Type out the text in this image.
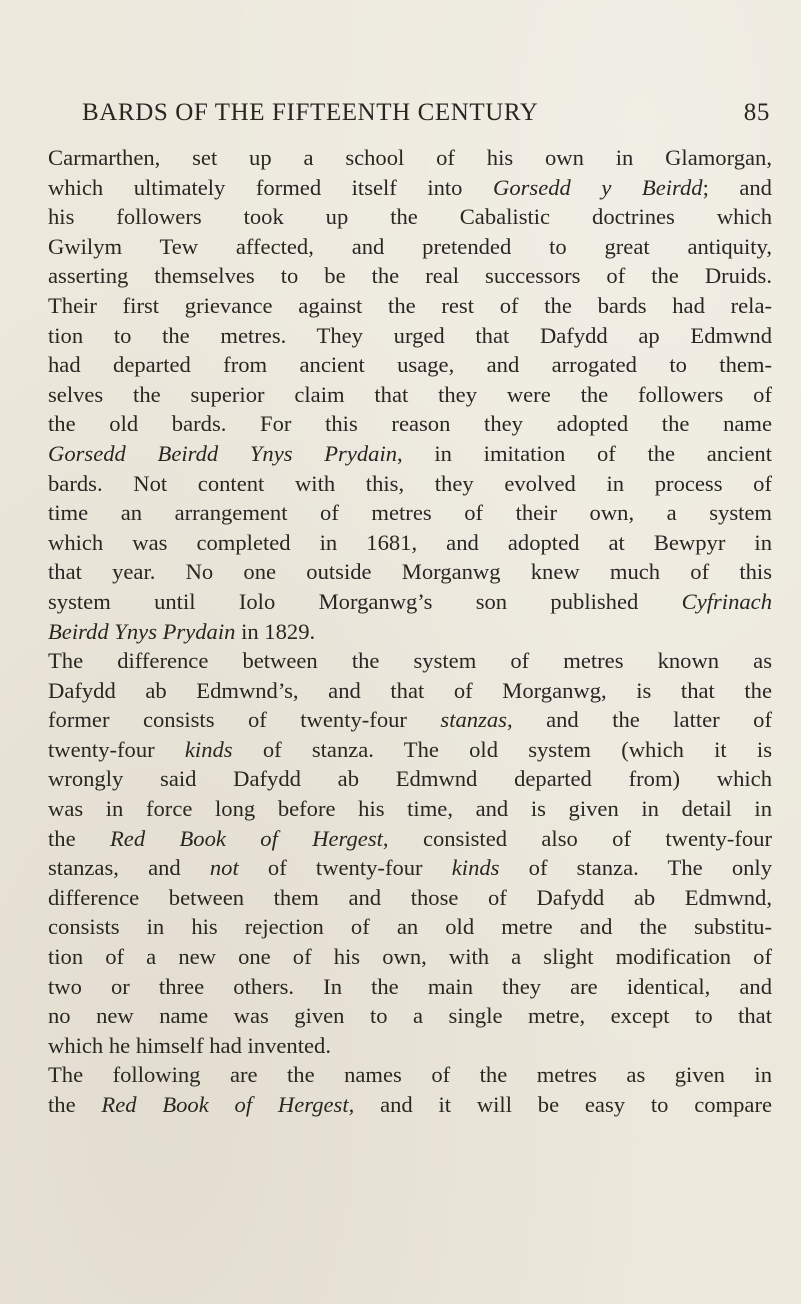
BARDS OF THE FIFTEENTH CENTURY	85
Carmarthen, set up a school of his own in Glamorgan,
which ultimately formed itself into Gorsedd y Beirdd; and
his followers took up the Cabalistic doctrines which
Gwilym Tew affected, and pretended to great antiquity,
asserting themselves to be the real successors of the Druids.
Their first grievance against the rest of the bards had rela-
tion to the metres. They urged that Dafydd ap Edmwnd
had departed from ancient usage, and arrogated to them-
selves the superior claim that they were the followers of
the old bards. For this reason they adopted the name
Gorsedd Beirdd Ynys Prydain, in imitation of the ancient
bards. Not content with this, they evolved in process of
time an arrangement of metres of their own, a system
which was completed in 1681, and adopted at Bewpyr in
that year. No one outside Morganwg knew much of this
system until Iolo Morganwg’s son published Cyfrinach
Beirdd Ynys Prydain in 1829.
The difference between the system of metres known as
Dafydd ab Edmwnd’s, and that of Morganwg, is that the
former consists of twenty-four stanzas, and the latter of
twenty-four kinds of stanza. The old system (which it is
wrongly said Dafydd ab Edmwnd departed from) which
was in force long before his time, and is given in detail in
the Red Book of Hergest, consisted also of twenty-four
stanzas, and not of twenty-four kinds of stanza. The only
difference between them and those of Dafydd ab Edmwnd,
consists in his rejection of an old metre and the substitu-
tion of a new one of his own, with a slight modification of
two or three others. In the main they are identical, and
no new name was given to a single metre, except to that
which he himself had invented.
The following are the names of the metres as given in
the Red Book of Hergest, and it will be easy to compare
